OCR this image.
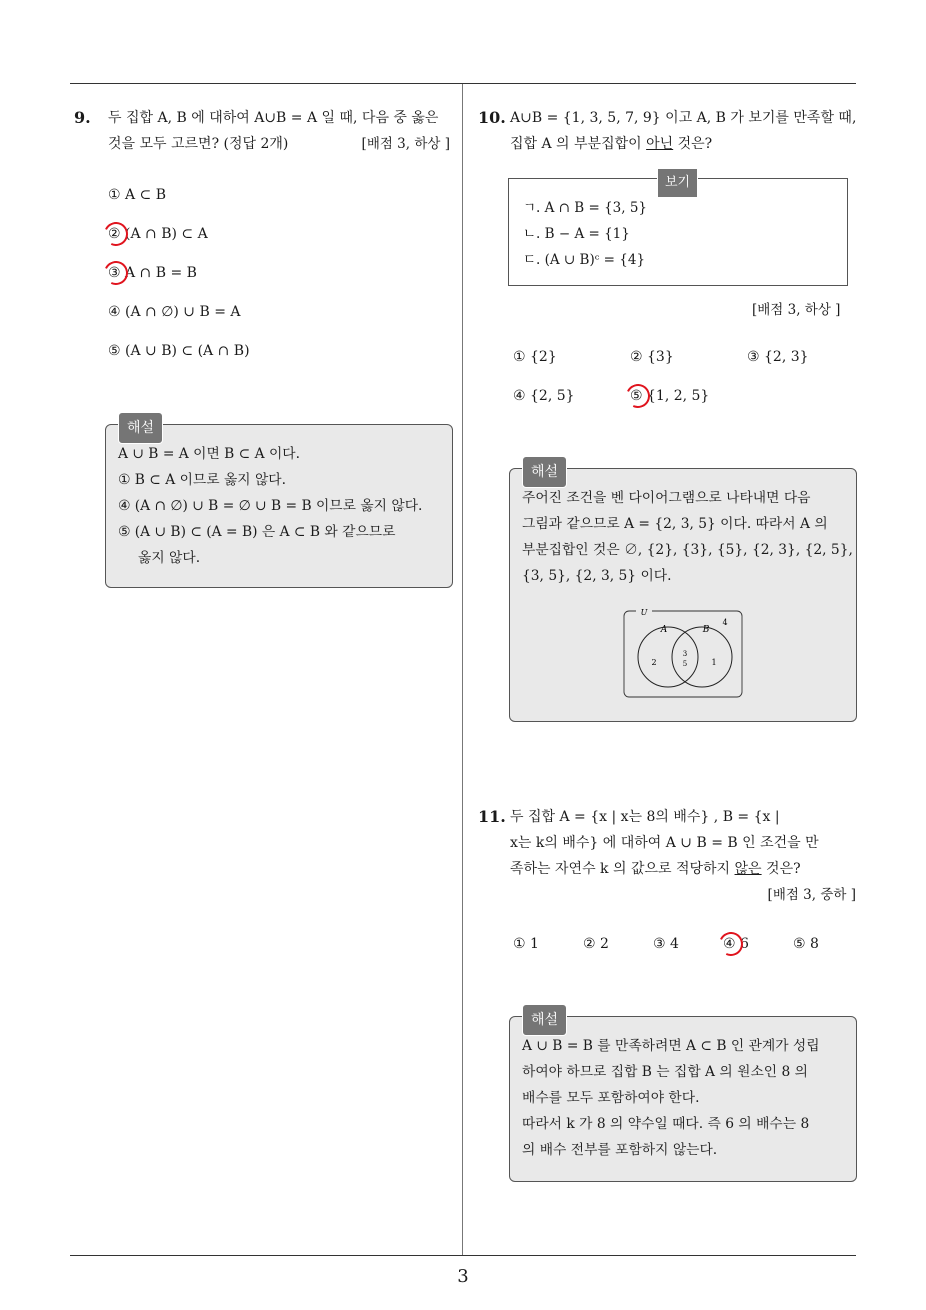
3
9. 두 집합 A, B 에 대하여 A∪B = A 일 때, 다음 중 옳은
것을 모두 고르면? (정답 2개)	[배점 3, 하상 ]
① A ⊂ B
② (A ∩ B) ⊂ A
③ A ∩ B = B
④ (A ∩ ∅) ∪ B = A
⑤ (A ∪ B) ⊂ (A ∩ B)
해설
A ∪ B = A 이면 B ⊂ A 이다.
① B ⊂ A 이므로 옳지 않다.
④ (A ∩ ∅) ∪ B = ∅ ∪ B = B 이므로 옳지 않다.
⑤ (A ∪ B) ⊂ (A = B) 은 A ⊂ B 와 같으므로
옳지 않다.
10. A∪B = {1, 3, 5, 7, 9} 이고 A, B 가 보기를 만족할 때,
집합 A 의 부분집합이 아닌 것은?
보기
ㄱ. A ∩ B = {3, 5}
ㄴ. B − A = {1}
ㄷ. (A ∪ B)ᶜ = {4}
[배점 3, 하상 ]
① {2}	② {3}	③ {2, 3}
④ {2, 5}	⑤ {1, 2, 5}
해설
주어진 조건을 벤 다이어그램으로 나타내면 다음
그림과 같으므로 A = {2, 3, 5} 이다. 따라서 A 의
부분집합인 것은 ∅, {2}, {3}, {5}, {2, 3}, {2, 5},
{3, 5}, {2, 3, 5} 이다.
U
A	B
4
2	1
3
5
11. 두 집합 A = {x | x는 8의 배수} , B = {x |
x는 k의 배수} 에 대하여 A ∪ B = B 인 조건을 만
족하는 자연수 k 의 값으로 적당하지 않은 것은?
[배점 3, 중하 ]
① 1	② 2	③ 4	④ 6	⑤ 8
해설
A ∪ B = B 를 만족하려면 A ⊂ B 인 관계가 성립
하여야 하므로 집합 B 는 집합 A 의 원소인 8 의
배수를 모두 포함하여야 한다.
따라서 k 가 8 의 약수일 때다. 즉 6 의 배수는 8
의 배수 전부를 포함하지 않는다.
